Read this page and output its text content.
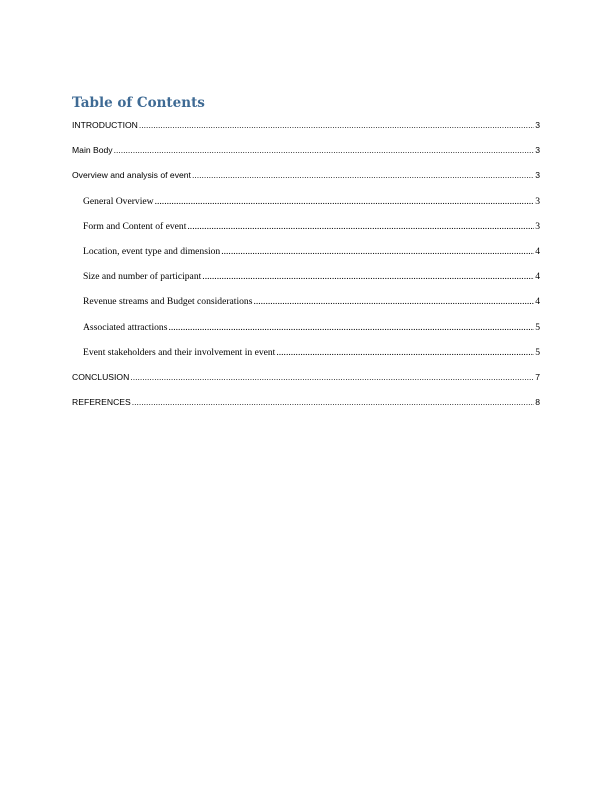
Table of Contents
INTRODUCTION .....	3
Main Body .....	3
Overview and analysis of event .....	3
General Overview .....	3
Form and Content of event .....	3
Location, event type and dimension .....	4
Size and number of participant .....	4
Revenue streams and Budget considerations .....	4
Associated attractions .....	5
Event stakeholders and their involvement in event .....	5
CONCLUSION .....	7
REFERENCES .....	8
